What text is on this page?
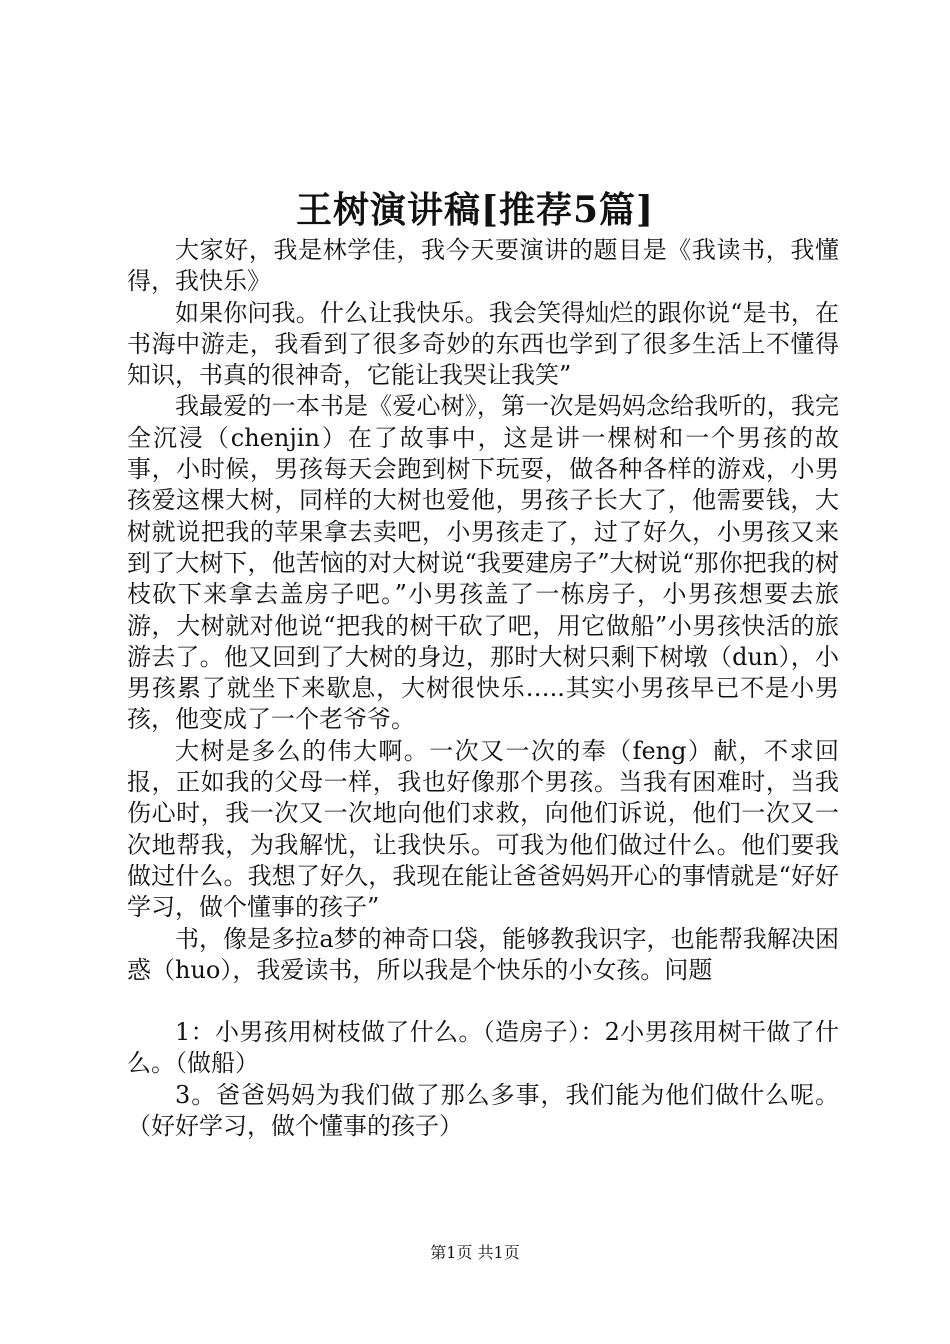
王树演讲稿[推荐5篇]

大家好，我是林学佳，我今天要演讲的题目是《我读书，我懂得，我快乐》

如果你问我。什么让我快乐。我会笑得灿烂的跟你说“是书，在书海中游走，我看到了很多奇妙的东西也学到了很多生活上不懂得知识，书真的很神奇，它能让我哭让我笑”

我最爱的一本书是《爱心树》，第一次是妈妈念给我听的，我完全沉浸（chenjin）在了故事中，这是讲一棵树和一个男孩的故事，小时候，男孩每天会跑到树下玩耍，做各种各样的游戏，小男孩爱这棵大树，同样的大树也爱他，男孩子长大了，他需要钱，大树就说把我的苹果拿去卖吧，小男孩走了，过了好久，小男孩又来到了大树下，他苦恼的对大树说“我要建房子”大树说“那你把我的树枝砍下来拿去盖房子吧。”小男孩盖了一栋房子，小男孩想要去旅游，大树就对他说“把我的树干砍了吧，用它做船”小男孩快活的旅游去了。他又回到了大树的身边，那时大树只剩下树墩（dun），小男孩累了就坐下来歇息，大树很快乐…..其实小男孩早已不是小男孩，他变成了一个老爷爷。

大树是多么的伟大啊。一次又一次的奉（feng）献，不求回报，正如我的父母一样，我也好像那个男孩。当我有困难时，当我伤心时，我一次又一次地向他们求救，向他们诉说，他们一次又一次地帮我，为我解忧，让我快乐。可我为他们做过什么。他们要我做过什么。我想了好久，我现在能让爸爸妈妈开心的事情就是“好好学习，做个懂事的孩子”

书，像是多拉a梦的神奇口袋，能够教我识字，也能帮我解决困惑（huo），我爱读书，所以我是个快乐的小女孩。问题

1：小男孩用树枝做了什么。（造房子）：2小男孩用树干做了什么。（做船）

3。爸爸妈妈为我们做了那么多事，我们能为他们做什么呢。（好好学习，做个懂事的孩子）

第1页 共1页
